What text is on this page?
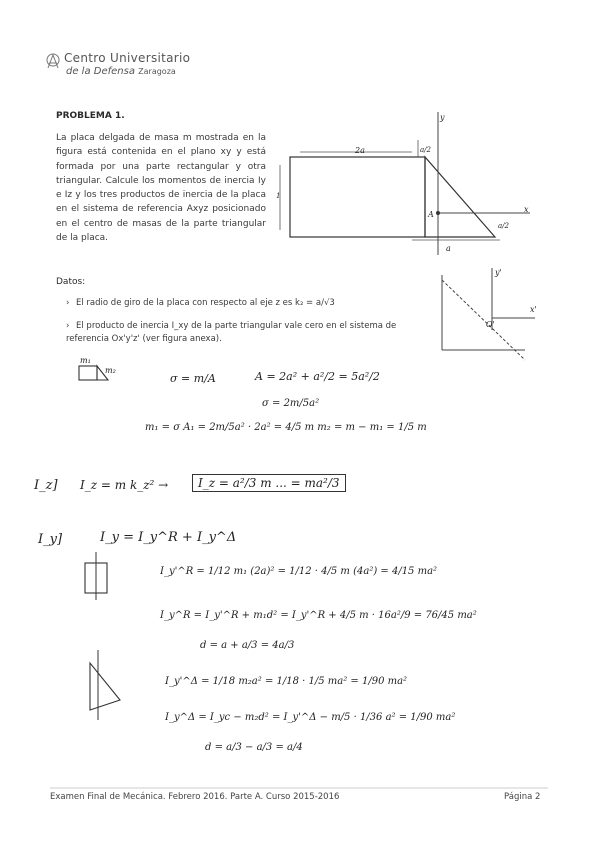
Centro Universitario
de la Defensa Zaragoza
PROBLEMA 1.
La placa delgada de masa m mostrada en la figura está contenida en el plano xy y está formada por una parte rectangular y otra triangular. Calcule los momentos de inercia Iy e Iz y los tres productos de inercia de la placa en el sistema de referencia Axyz posicionado en el centro de masas de la parte triangular de la placa.
Datos:
› El radio de giro de la placa con respecto al eje z es k₂ = a/√3
› El producto de inercia I_xy de la parte triangular vale cero en el sistema de referencia Ox'y'z' (ver figura anexa).
2a	a/2
a
a/2
y
x
A
1
x'
y'
O'
m₁
m₂
σ = m/A	A = 2a² + a²/2 = 5a²/2
σ = 2m/5a²
m₁ = σ A₁ = 2m/5a² · 2a² = 4/5 m m₂ = m − m₁ = 1/5 m
I_z] I_z = m k_z² →	I_z = a²/3 m ... = ma²/3
I_y]	I_y = I_y^R + I_y^Δ
I_y'^R = 1/12 m₁ (2a)² = 1/12 · 4/5 m (4a²) = 4/15 ma²
I_y^R = I_y'^R + m₁d² = I_y'^R + 4/5 m · 16a²/9 = 76/45 ma²
d = a + a/3 = 4a/3
I_y'^Δ = 1/18 m₂a² = 1/18 · 1/5 ma² = 1/90 ma²
I_y^Δ = I_yc − m₂d² = I_y'^Δ − m/5 · 1/36 a² = 1/90 ma²
d = a/3 − a/3 = a/4
Examen Final de Mecánica. Febrero 2016. Parte A. Curso 2015-2016	Página 2
